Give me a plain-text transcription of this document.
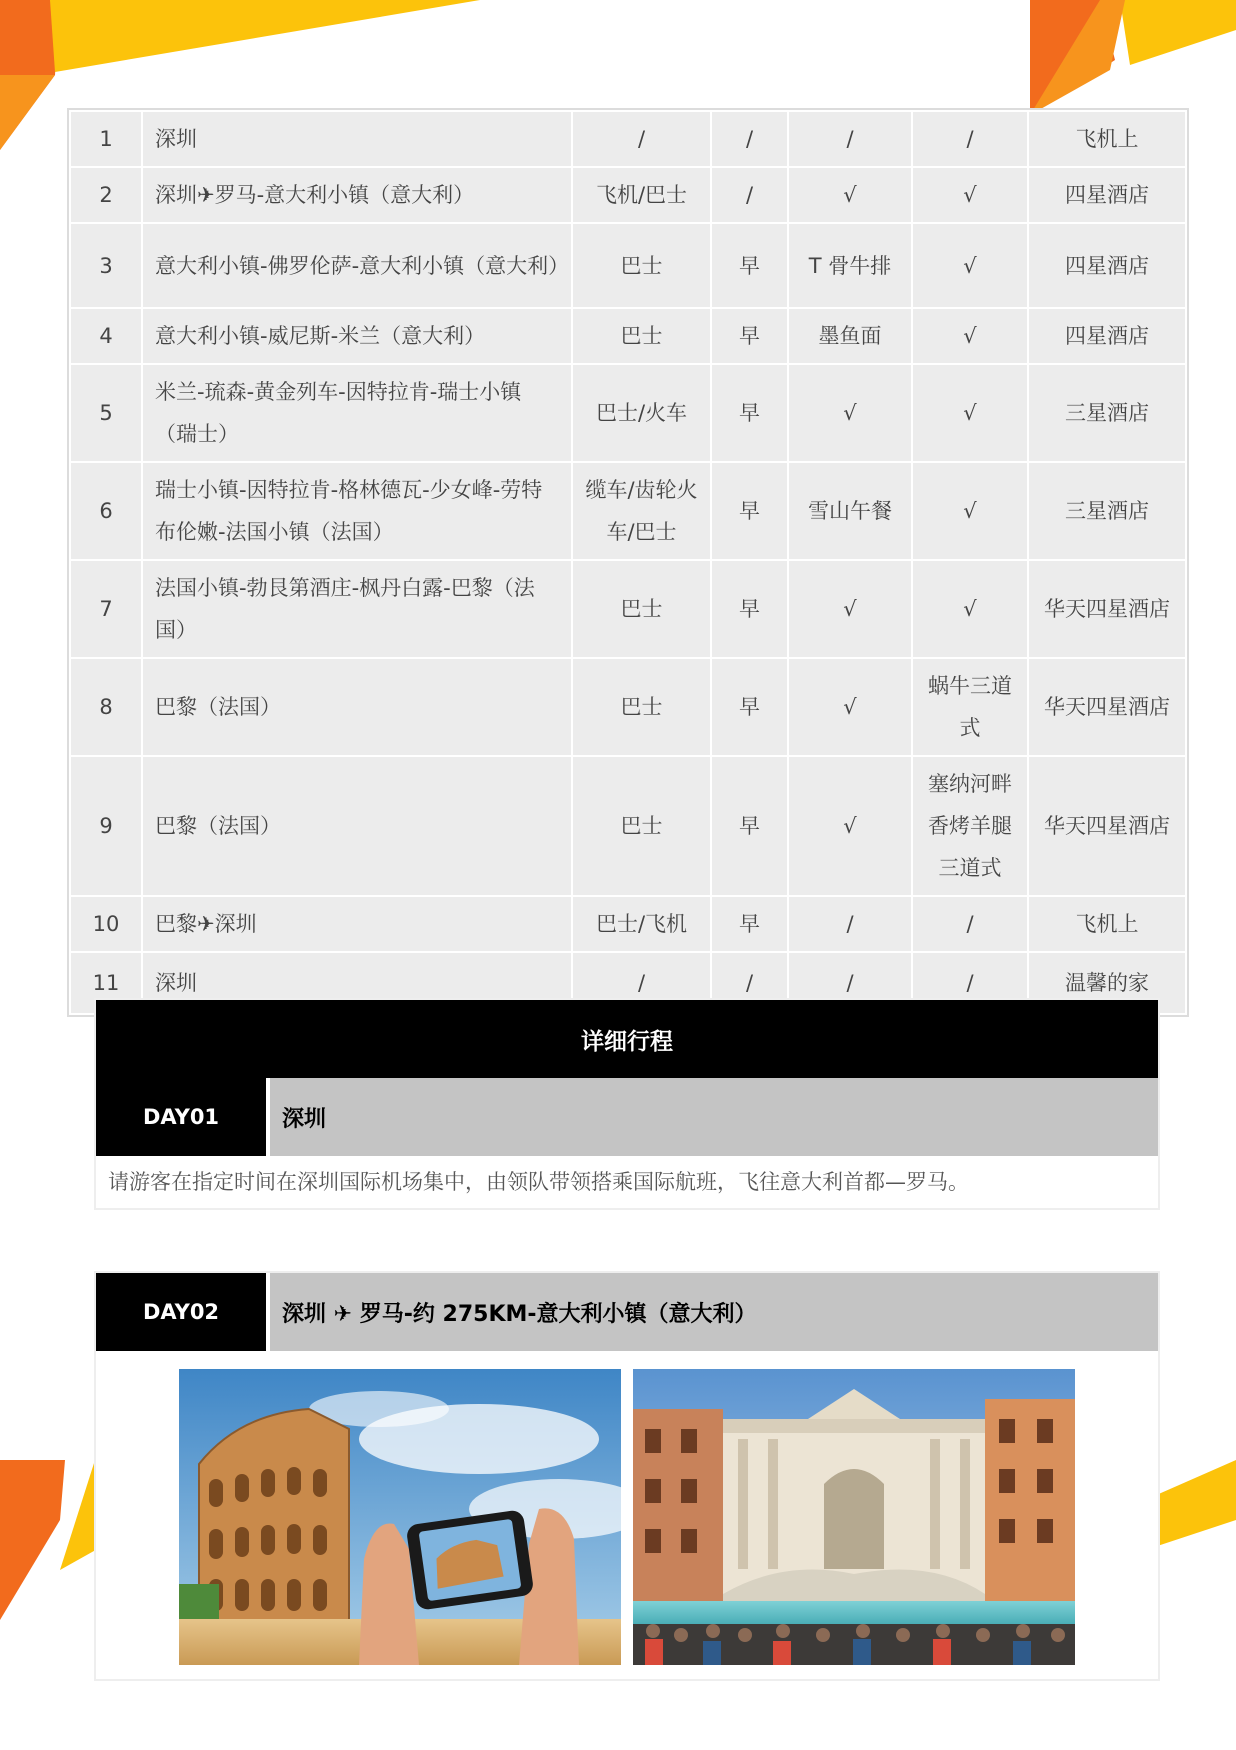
1	深圳	/	/	/	/	飞机上
2	深圳✈罗马-意大利小镇（意大利）	飞机/巴士	/	√	√	四星酒店
3	意大利小镇-佛罗伦萨-意大利小镇（意大利）	巴士	早	T 骨牛排	√	四星酒店
4	意大利小镇-威尼斯-米兰（意大利）	巴士	早	墨鱼面	√	四星酒店
5	米兰-琉森-黄金列车-因特拉肯-瑞士小镇（瑞士）	巴士/火车	早	√	√	三星酒店
6	瑞士小镇-因特拉肯-格林德瓦-少女峰-劳特布伦嫩-法国小镇（法国）	缆车/齿轮火车/巴士	早	雪山午餐	√	三星酒店
7	法国小镇-勃艮第酒庄-枫丹白露-巴黎（法国）	巴士	早	√	√	华天四星酒店
8	巴黎（法国）	巴士	早	√	蜗牛三道式	华天四星酒店
9	巴黎（法国）	巴士	早	√	塞纳河畔香烤羊腿三道式	华天四星酒店
10	巴黎✈深圳	巴士/飞机	早	/	/	飞机上
11	深圳	/	/	/	/	温馨的家
详细行程
DAY01	深圳
请游客在指定时间在深圳国际机场集中，由领队带领搭乘国际航班，飞往意大利首都—罗马。
DAY02	深圳 ✈ 罗马-约 275KM-意大利小镇（意大利）
